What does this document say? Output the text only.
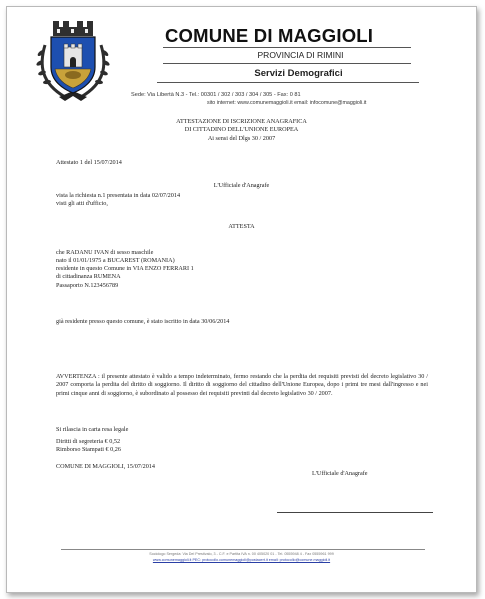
COMUNE DI MAGGIOLI
PROVINCIA DI RIMINI
Servizi Demografici
Sede: Via Libertà N.3 - Tel.: 00301 / 302 / 303 / 304 / 305 - Fax: 0 81
sito internet: www.comunemaggioli.it email: infocomune@maggioli.it
ATTESTAZIONE DI ISCRIZIONE ANAGRAFICA
DI CITTADINO DELL'UNIONE EUROPEA
Ai sensi del Dlgs 30 / 2007
Attestato 1 del 15/07/2014
L'Ufficiale d'Anagrafe
vista la richiesta n.1 presentata in data 02/07/2014
visti gli atti d'ufficio,
ATTESTA
che RADANU IVAN di sesso maschile
nato il 01/01/1975 a BUCAREST (ROMANIA)
residente in questo Comune in VIA ENZO FERRARI 1
di cittadinanza RUMENA
Passaporto N.123456789
già residente presso questo comune, è stato iscritto in data 30/06/2014
AVVERTENZA : il presente attestato è valido a tempo indeterminato, fermo restando che la perdita dei requisiti previsti del decreto legislativo 30 / 2007 comporta la perdita del diritto di soggiorno. Il diritto di soggiorno del cittadino dell'Unione Europea, dopo i primi tre mesi dall'ingresso e nei primi cinque anni di soggiorno, è subordinato al possesso dei requisiti previnti dal decreto legislativo 30 / 2007.
Si rilascia in carta resa legale
Diritti di segreteria € 0,52
Rimborso Stampati € 0,26
COMUNE DI MAGGIOLI, 15/07/2014
L'Ufficiale d'Anagrafe
Sociologo Sergeda: Via Del Prestivalo, 3 - C.F. e Partita IVA n. 00 405020 01 - Tel. 0555948 4 - Fax 0555961 999
www.comunemaggioli.it PEC: protocollo.comunemaggioli@postacert.it email: protocollo@comune.maggioli.it
